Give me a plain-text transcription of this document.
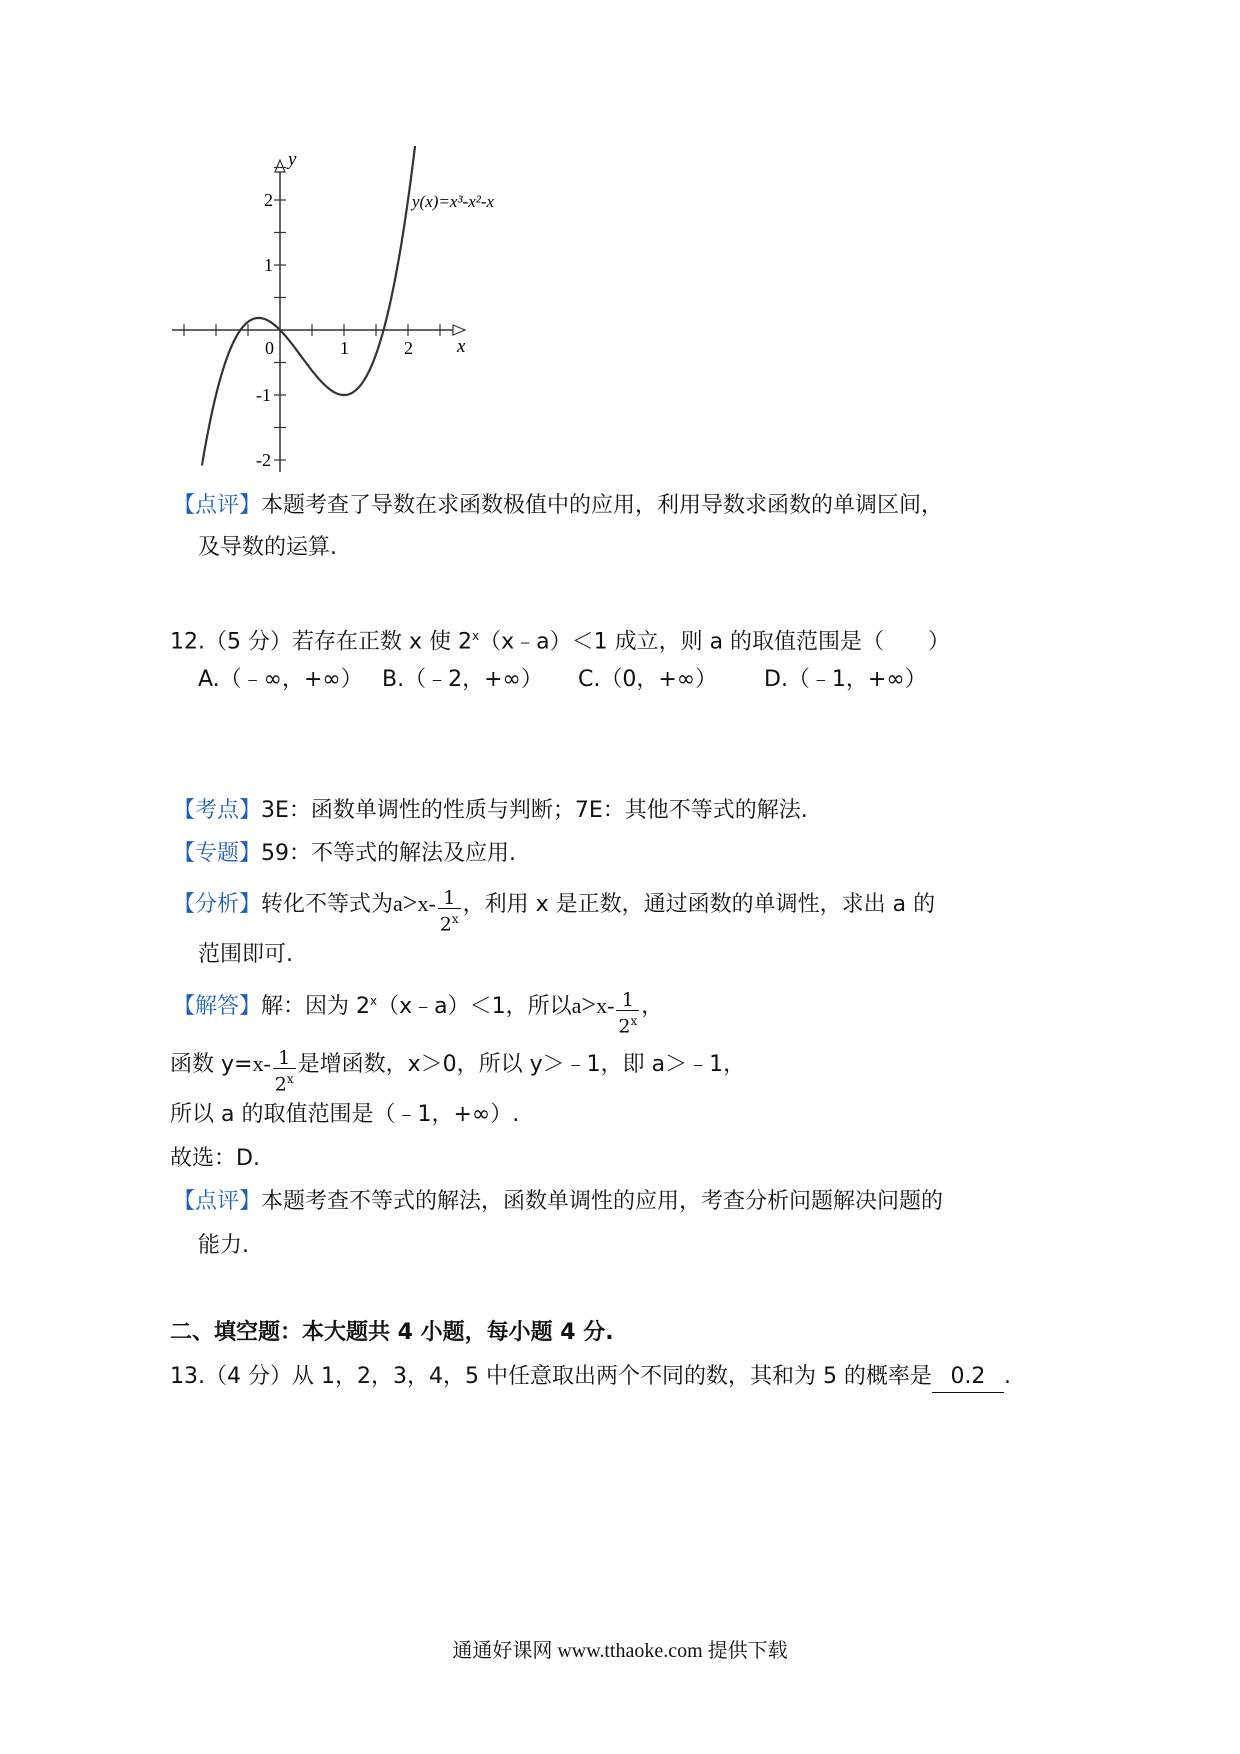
0	1	2
2
1
-1
-2
y(x)=x³-x²-x
x
y
【点评】本题考查了导数在求函数极值中的应用，利用导数求函数的单调区间，
及导数的运算.
12.（5 分）若存在正数 x 使 $2^x(x﹣a)<1$ 成立，则 a 的取值范围是（　　）
A.（﹣∞，+∞） B.（﹣2，+∞） C.（0，+∞） D.（﹣1，+∞）
【考点】3E：函数单调性的性质与判断；7E：其他不等式的解法.
【专题】59：不等式的解法及应用.
【分析】转化不等式为$a>x- \frac{1}{2^x}$ ，利用 x 是正数，通过函数的单调性，求出 a 的
范围即可.
【解答】解：因为 $2^x(x﹣a)<1$，所以$a>x- \frac{1}{2^x}$ ，
函数 $y=x- \frac{1}{2^x}$ 是增函数，x＞0，所以 y＞﹣1，即 a＞﹣1，
所以 a 的取值范围是（﹣1，+∞）.
故选：D.
【点评】本题考查不等式的解法，函数单调性的应用，考查分析问题解决问题的
能力.
二、填空题：本大题共 4 小题，每小题 4 分.
13.（4 分）从 1，2，3，4，5 中任意取出两个不同的数，其和为 5 的概率是 0.2 .
通通好课网 www.tthaoke.com 提供下载
